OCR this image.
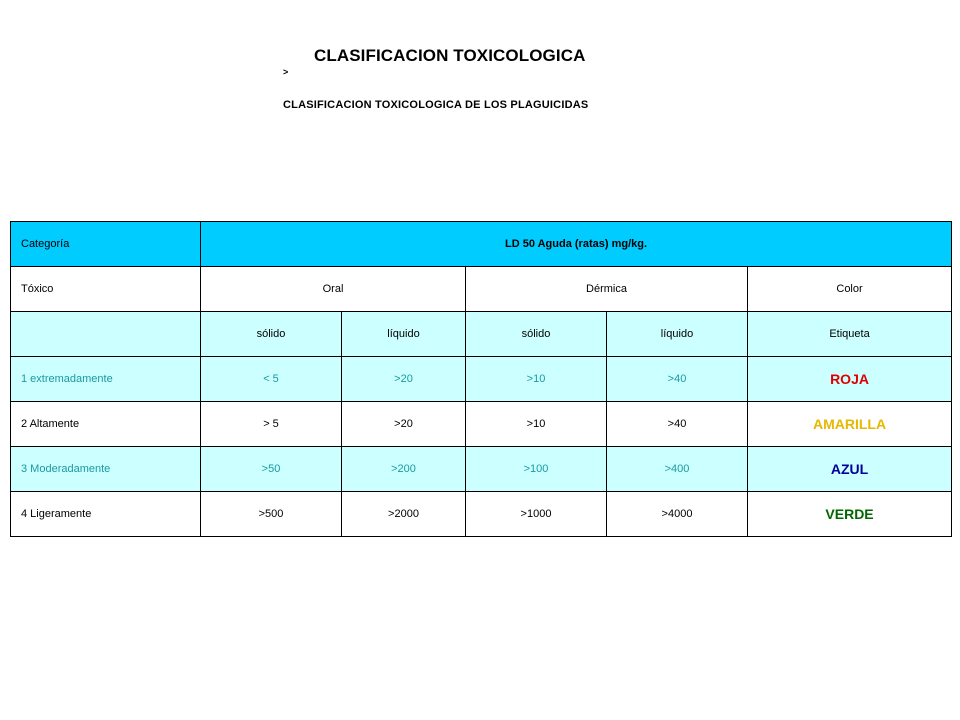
CLASIFICACION TOXICOLOGICA
>
CLASIFICACION TOXICOLOGICA DE LOS PLAGUICIDAS
Categoría	LD 50 Aguda (ratas) mg/kg.				
Tóxico	Oral		Dérmica		Color
	sólido	líquido	sólido	líquido	Etiqueta
1 extremadamente	< 5	>20	>10	>40	ROJA
2 Altamente	> 5	>20	>10	>40	AMARILLA
3 Moderadamente	>50	>200	>100	>400	AZUL
4 Ligeramente	>500	>2000	>1000	>4000	VERDE
